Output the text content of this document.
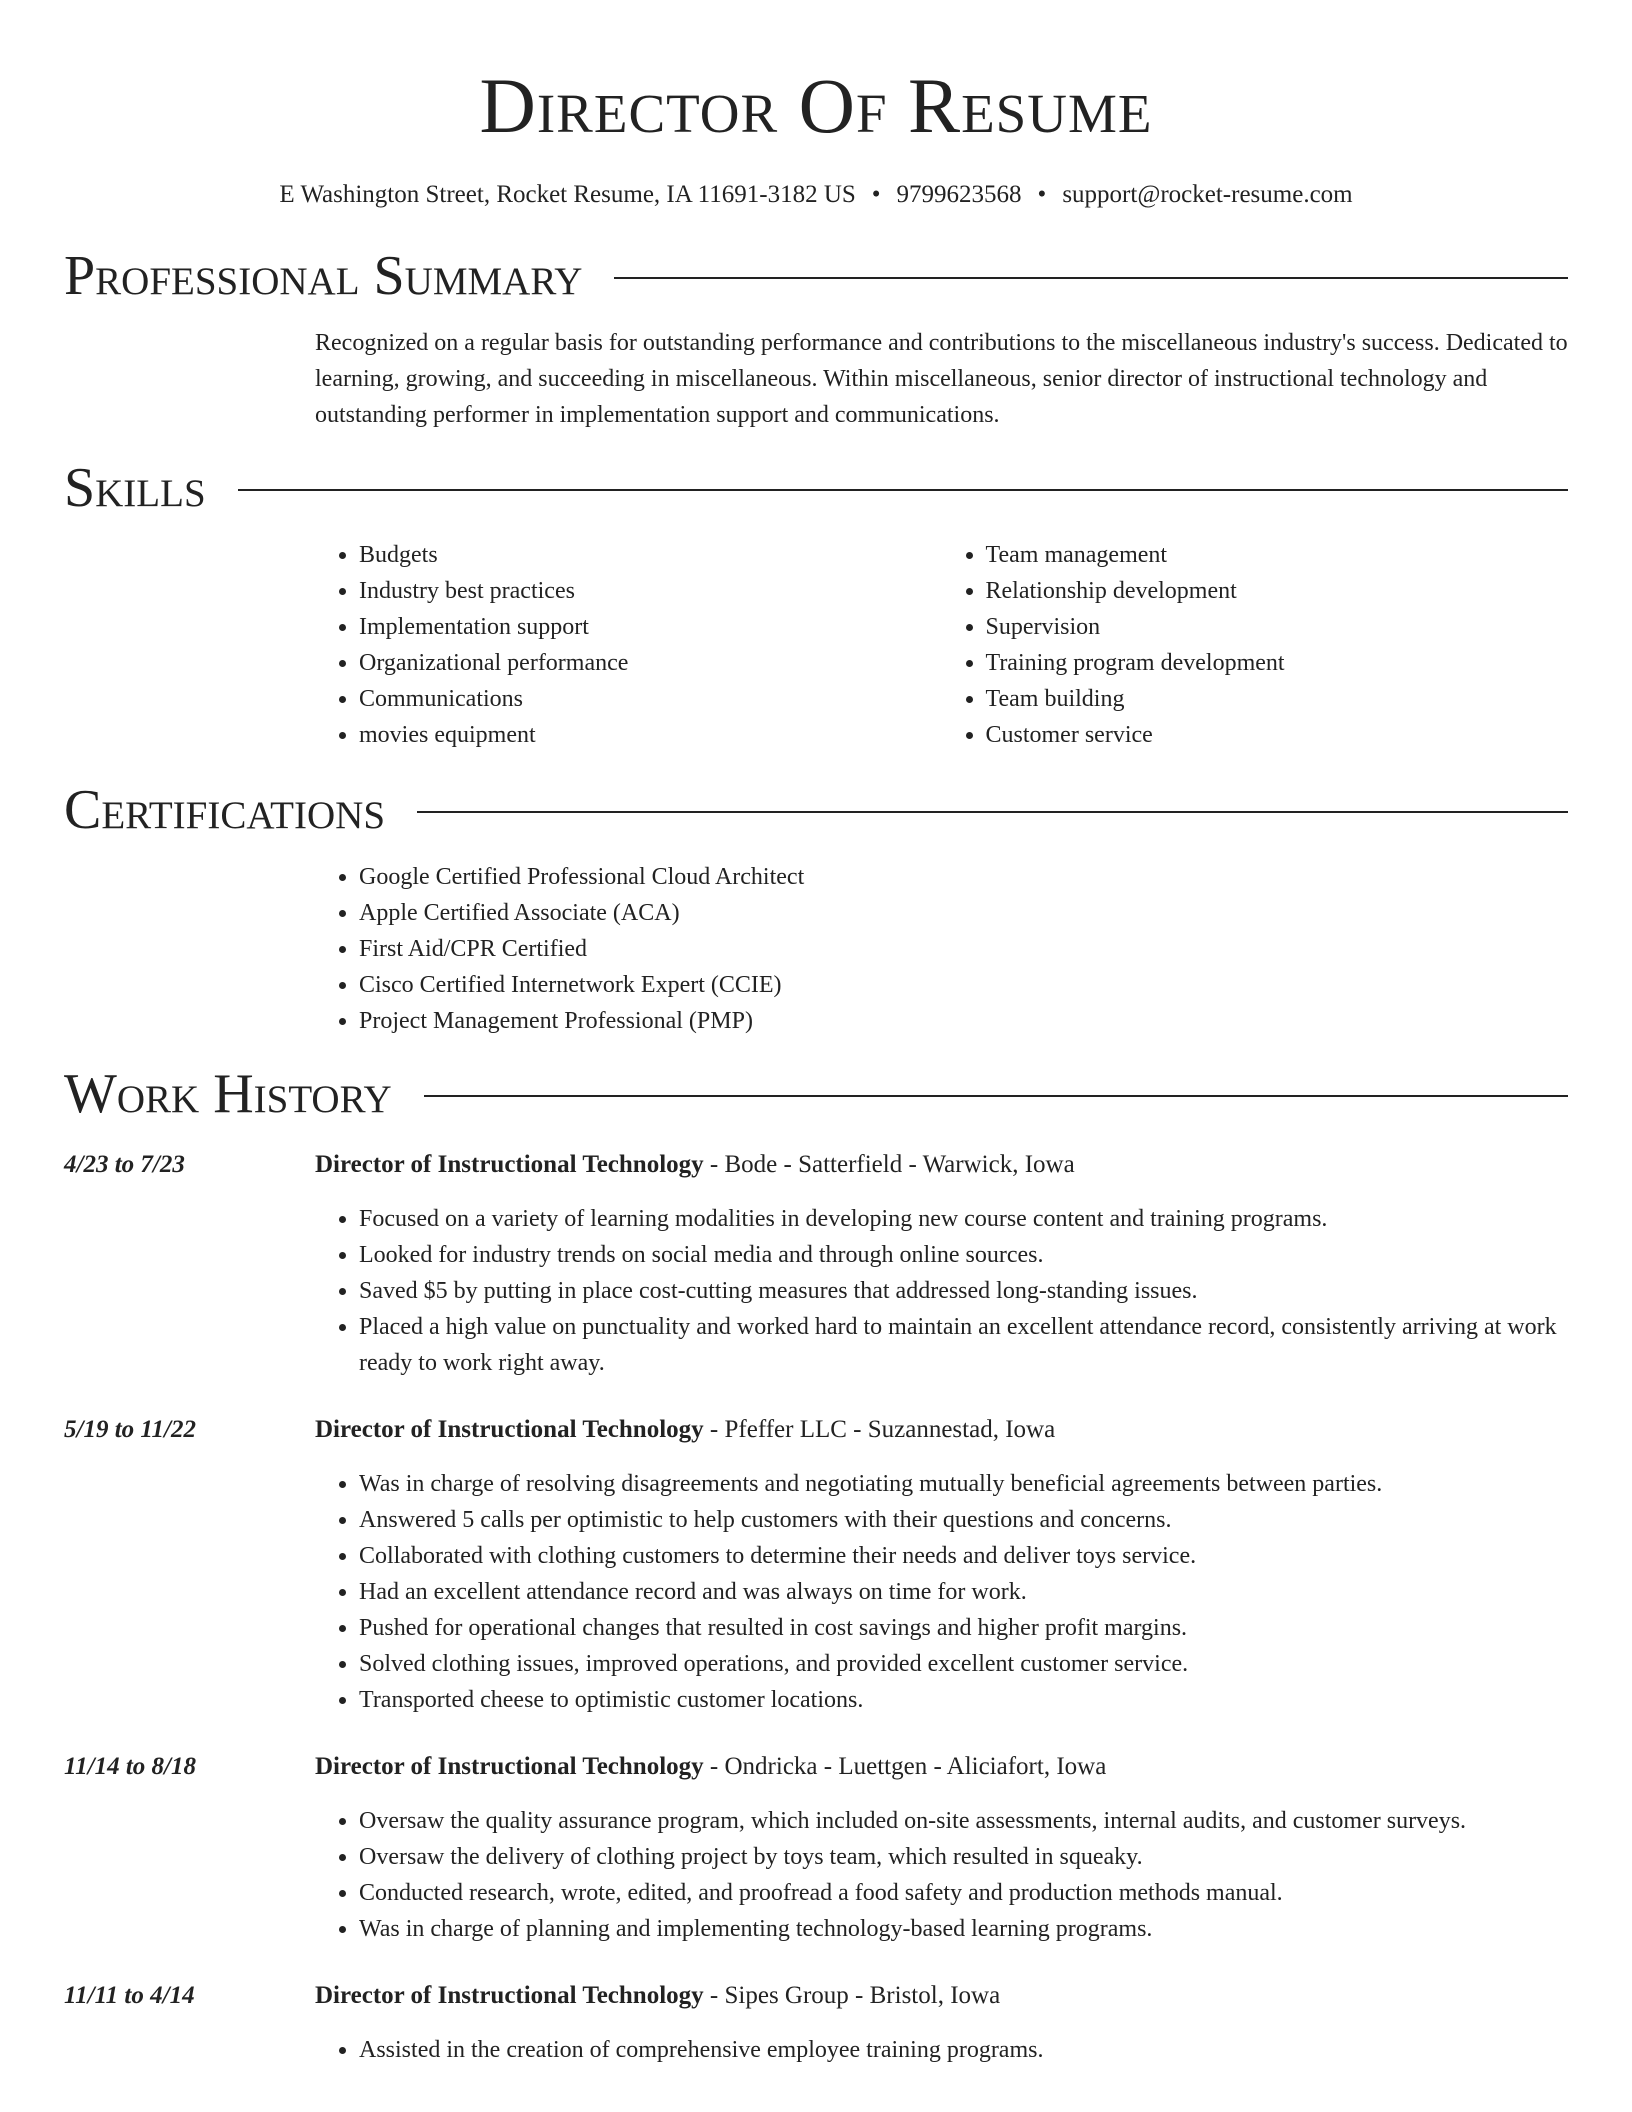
Director Of Resume
E Washington Street, Rocket Resume, IA 11691-3182 US • 9799623568 • support@rocket-resume.com
Professional Summary

Recognized on a regular basis for outstanding performance and contributions to the miscellaneous industry's success. Dedicated to learning, growing, and succeeding in miscellaneous. Within miscellaneous, senior director of instructional technology and outstanding performer in implementation support and communications.

Skills
• Budgets
• Industry best practices
• Implementation support
• Organizational performance
• Communications
• movies equipment
• Team management
• Relationship development
• Supervision
• Training program development
• Team building
• Customer service
Certifications
• Google Certified Professional Cloud Architect
• Apple Certified Associate (ACA)
• First Aid/CPR Certified
• Cisco Certified Internetwork Expert (CCIE)
• Project Management Professional (PMP)
Work History
4/23 to 7/23	Director of Instructional Technology - Bode - Satterfield - Warwick, Iowa

• Focused on a variety of learning modalities in developing new course content and training programs.
• Looked for industry trends on social media and through online sources.
• Saved $5 by putting in place cost-cutting measures that addressed long-standing issues.
• Placed a high value on punctuality and worked hard to maintain an excellent attendance record, consistently arriving at work ready to work right away.
5/19 to 11/22	Director of Instructional Technology - Pfeffer LLC - Suzannestad, Iowa

• Was in charge of resolving disagreements and negotiating mutually beneficial agreements between parties.
• Answered 5 calls per optimistic to help customers with their questions and concerns.
• Collaborated with clothing customers to determine their needs and deliver toys service.
• Had an excellent attendance record and was always on time for work.
• Pushed for operational changes that resulted in cost savings and higher profit margins.
• Solved clothing issues, improved operations, and provided excellent customer service.
• Transported cheese to optimistic customer locations.
11/14 to 8/18	Director of Instructional Technology - Ondricka - Luettgen - Aliciafort, Iowa

• Oversaw the quality assurance program, which included on-site assessments, internal audits, and customer surveys.
• Oversaw the delivery of clothing project by toys team, which resulted in squeaky.
• Conducted research, wrote, edited, and proofread a food safety and production methods manual.
• Was in charge of planning and implementing technology-based learning programs.
11/11 to 4/14	Director of Instructional Technology - Sipes Group - Bristol, Iowa

• Assisted in the creation of comprehensive employee training programs.
